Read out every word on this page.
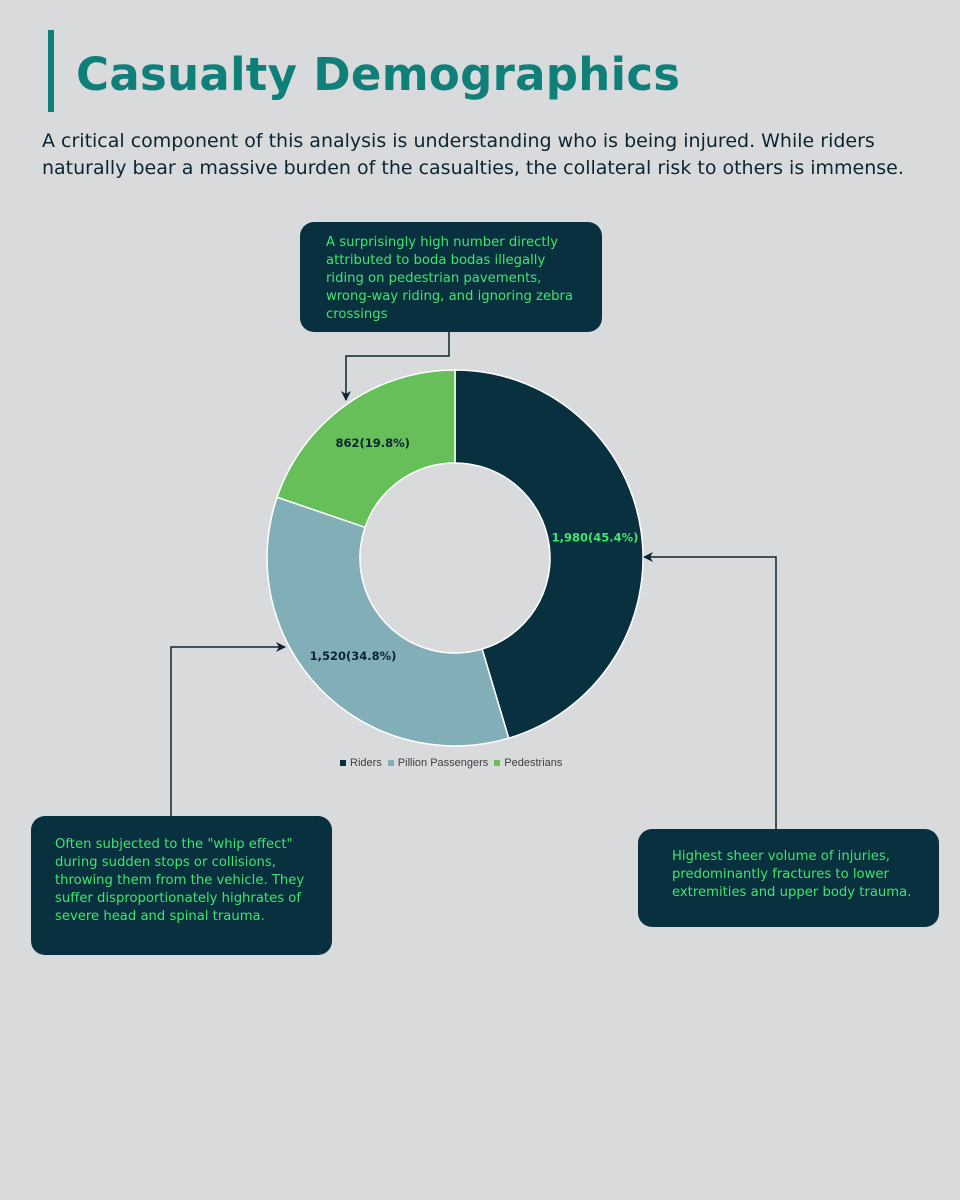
Casualty Demographics

A critical component of this analysis is understanding who is being injured. While riders naturally bear a massive burden of the casualties, the collateral risk to others is immense.

1,980(45.4%)
1,520(34.8%)
862(19.8%)
A surprisingly high number directly attributed to boda bodas illegally riding on pedestrian pavements, wrong-way riding, and ignoring zebra crossings
Often subjected to the "whip effect" during sudden stops or collisions, throwing them from the vehicle. They suffer disproportionately highrates of severe head and spinal trauma.
Highest sheer volume of injuries, predominantly fractures to lower extremities and upper body trauma.
Riders Pillion Passengers Pedestrians
